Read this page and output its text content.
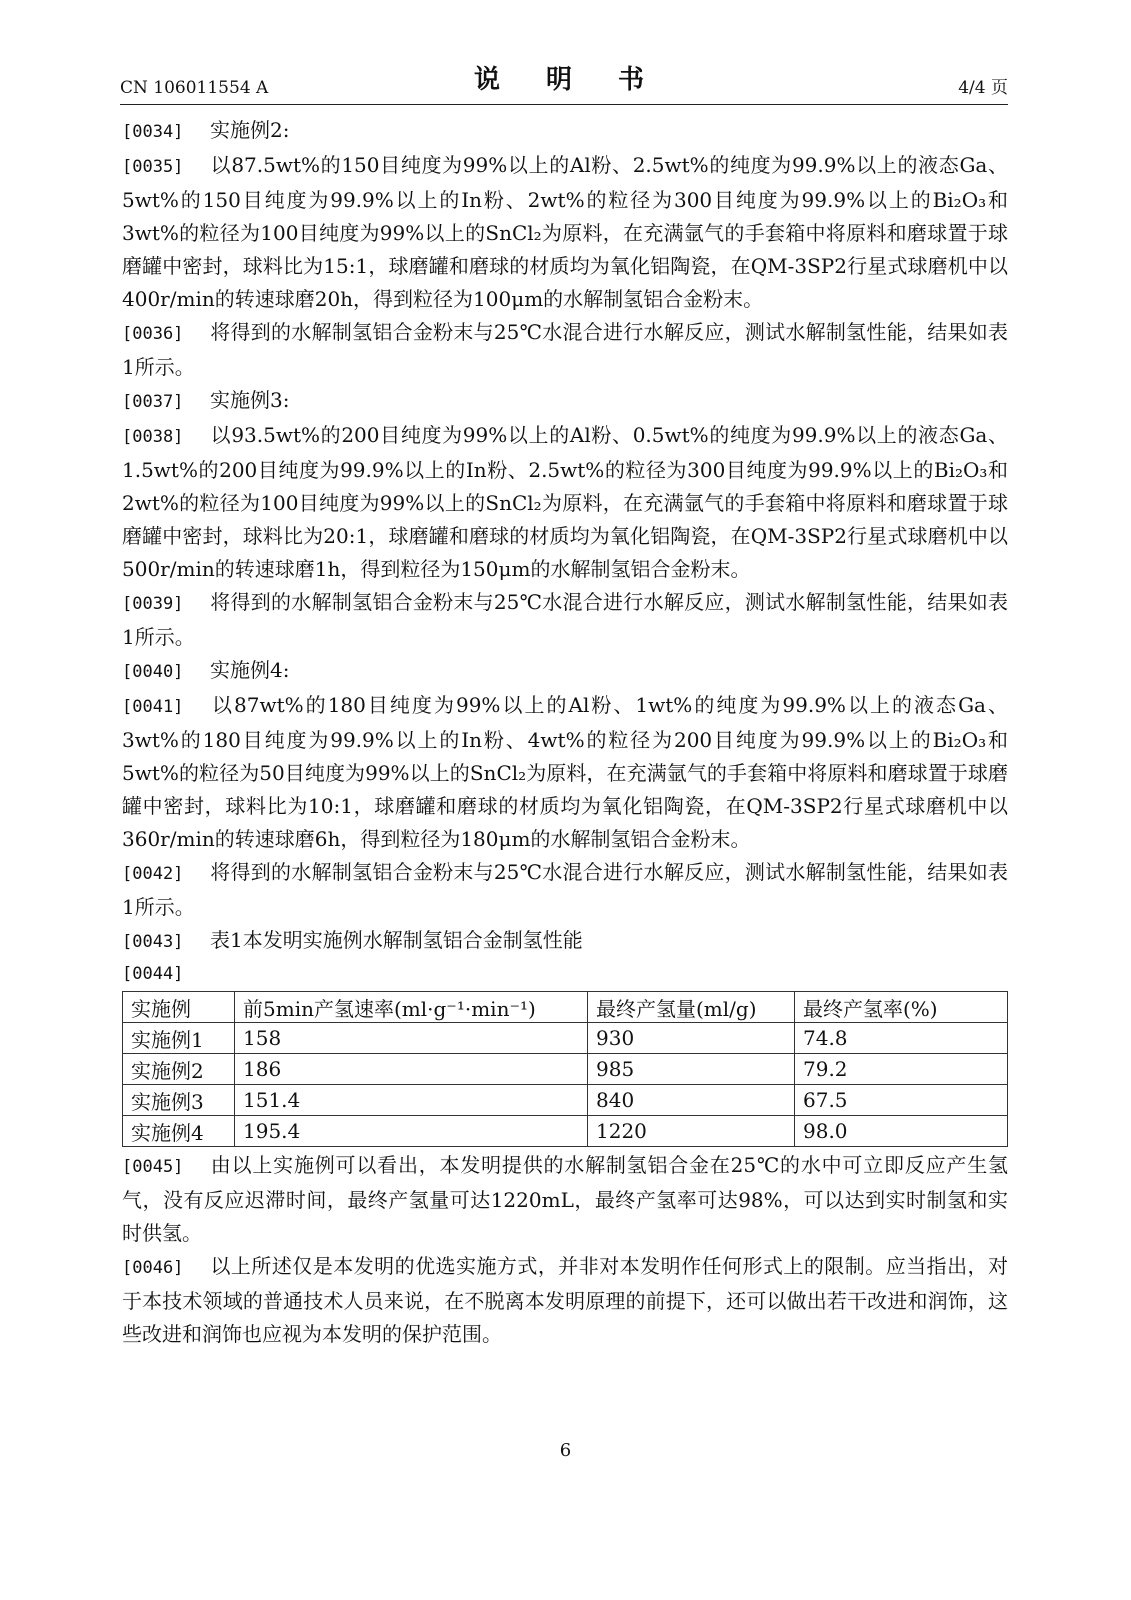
CN 106011554 A	说　明　书	4/4 页
[0034] 实施例2:
[0035] 以87.5wt%的150目纯度为99%以上的Al粉、2.5wt%的纯度为99.9%以上的液态Ga、5wt%的150目纯度为99.9%以上的In粉、2wt%的粒径为300目纯度为99.9%以上的Bi₂O₃和3wt%的粒径为100目纯度为99%以上的SnCl₂为原料，在充满氩气的手套箱中将原料和磨球置于球磨罐中密封，球料比为15:1，球磨罐和磨球的材质均为氧化铝陶瓷，在QM-3SP2行星式球磨机中以400r/min的转速球磨20h，得到粒径为100μm的水解制氢铝合金粉末。
[0036] 将得到的水解制氢铝合金粉末与25℃水混合进行水解反应，测试水解制氢性能，结果如表1所示。
[0037] 实施例3:
[0038] 以93.5wt%的200目纯度为99%以上的Al粉、0.5wt%的纯度为99.9%以上的液态Ga、1.5wt%的200目纯度为99.9%以上的In粉、2.5wt%的粒径为300目纯度为99.9%以上的Bi₂O₃和2wt%的粒径为100目纯度为99%以上的SnCl₂为原料，在充满氩气的手套箱中将原料和磨球置于球磨罐中密封，球料比为20:1，球磨罐和磨球的材质均为氧化铝陶瓷，在QM-3SP2行星式球磨机中以500r/min的转速球磨1h，得到粒径为150μm的水解制氢铝合金粉末。
[0039] 将得到的水解制氢铝合金粉末与25℃水混合进行水解反应，测试水解制氢性能，结果如表1所示。
[0040] 实施例4:
[0041] 以87wt%的180目纯度为99%以上的Al粉、1wt%的纯度为99.9%以上的液态Ga、3wt%的180目纯度为99.9%以上的In粉、4wt%的粒径为200目纯度为99.9%以上的Bi₂O₃和5wt%的粒径为50目纯度为99%以上的SnCl₂为原料，在充满氩气的手套箱中将原料和磨球置于球磨罐中密封，球料比为10:1，球磨罐和磨球的材质均为氧化铝陶瓷，在QM-3SP2行星式球磨机中以360r/min的转速球磨6h，得到粒径为180μm的水解制氢铝合金粉末。
[0042] 将得到的水解制氢铝合金粉末与25℃水混合进行水解反应，测试水解制氢性能，结果如表1所示。
[0043] 表1本发明实施例水解制氢铝合金制氢性能
[0044]
实施例	前5min产氢速率(ml·g⁻¹·min⁻¹)	最终产氢量(ml/g)	最终产氢率(%)
实施例1	158	930	74.8
实施例2	186	985	79.2
实施例3	151.4	840	67.5
实施例4	195.4	1220	98.0
[0045] 由以上实施例可以看出，本发明提供的水解制氢铝合金在25℃的水中可立即反应产生氢气，没有反应迟滞时间，最终产氢量可达1220mL，最终产氢率可达98%，可以达到实时制氢和实时供氢。
[0046] 以上所述仅是本发明的优选实施方式，并非对本发明作任何形式上的限制。应当指出，对于本技术领域的普通技术人员来说，在不脱离本发明原理的前提下，还可以做出若干改进和润饰，这些改进和润饰也应视为本发明的保护范围。
6
